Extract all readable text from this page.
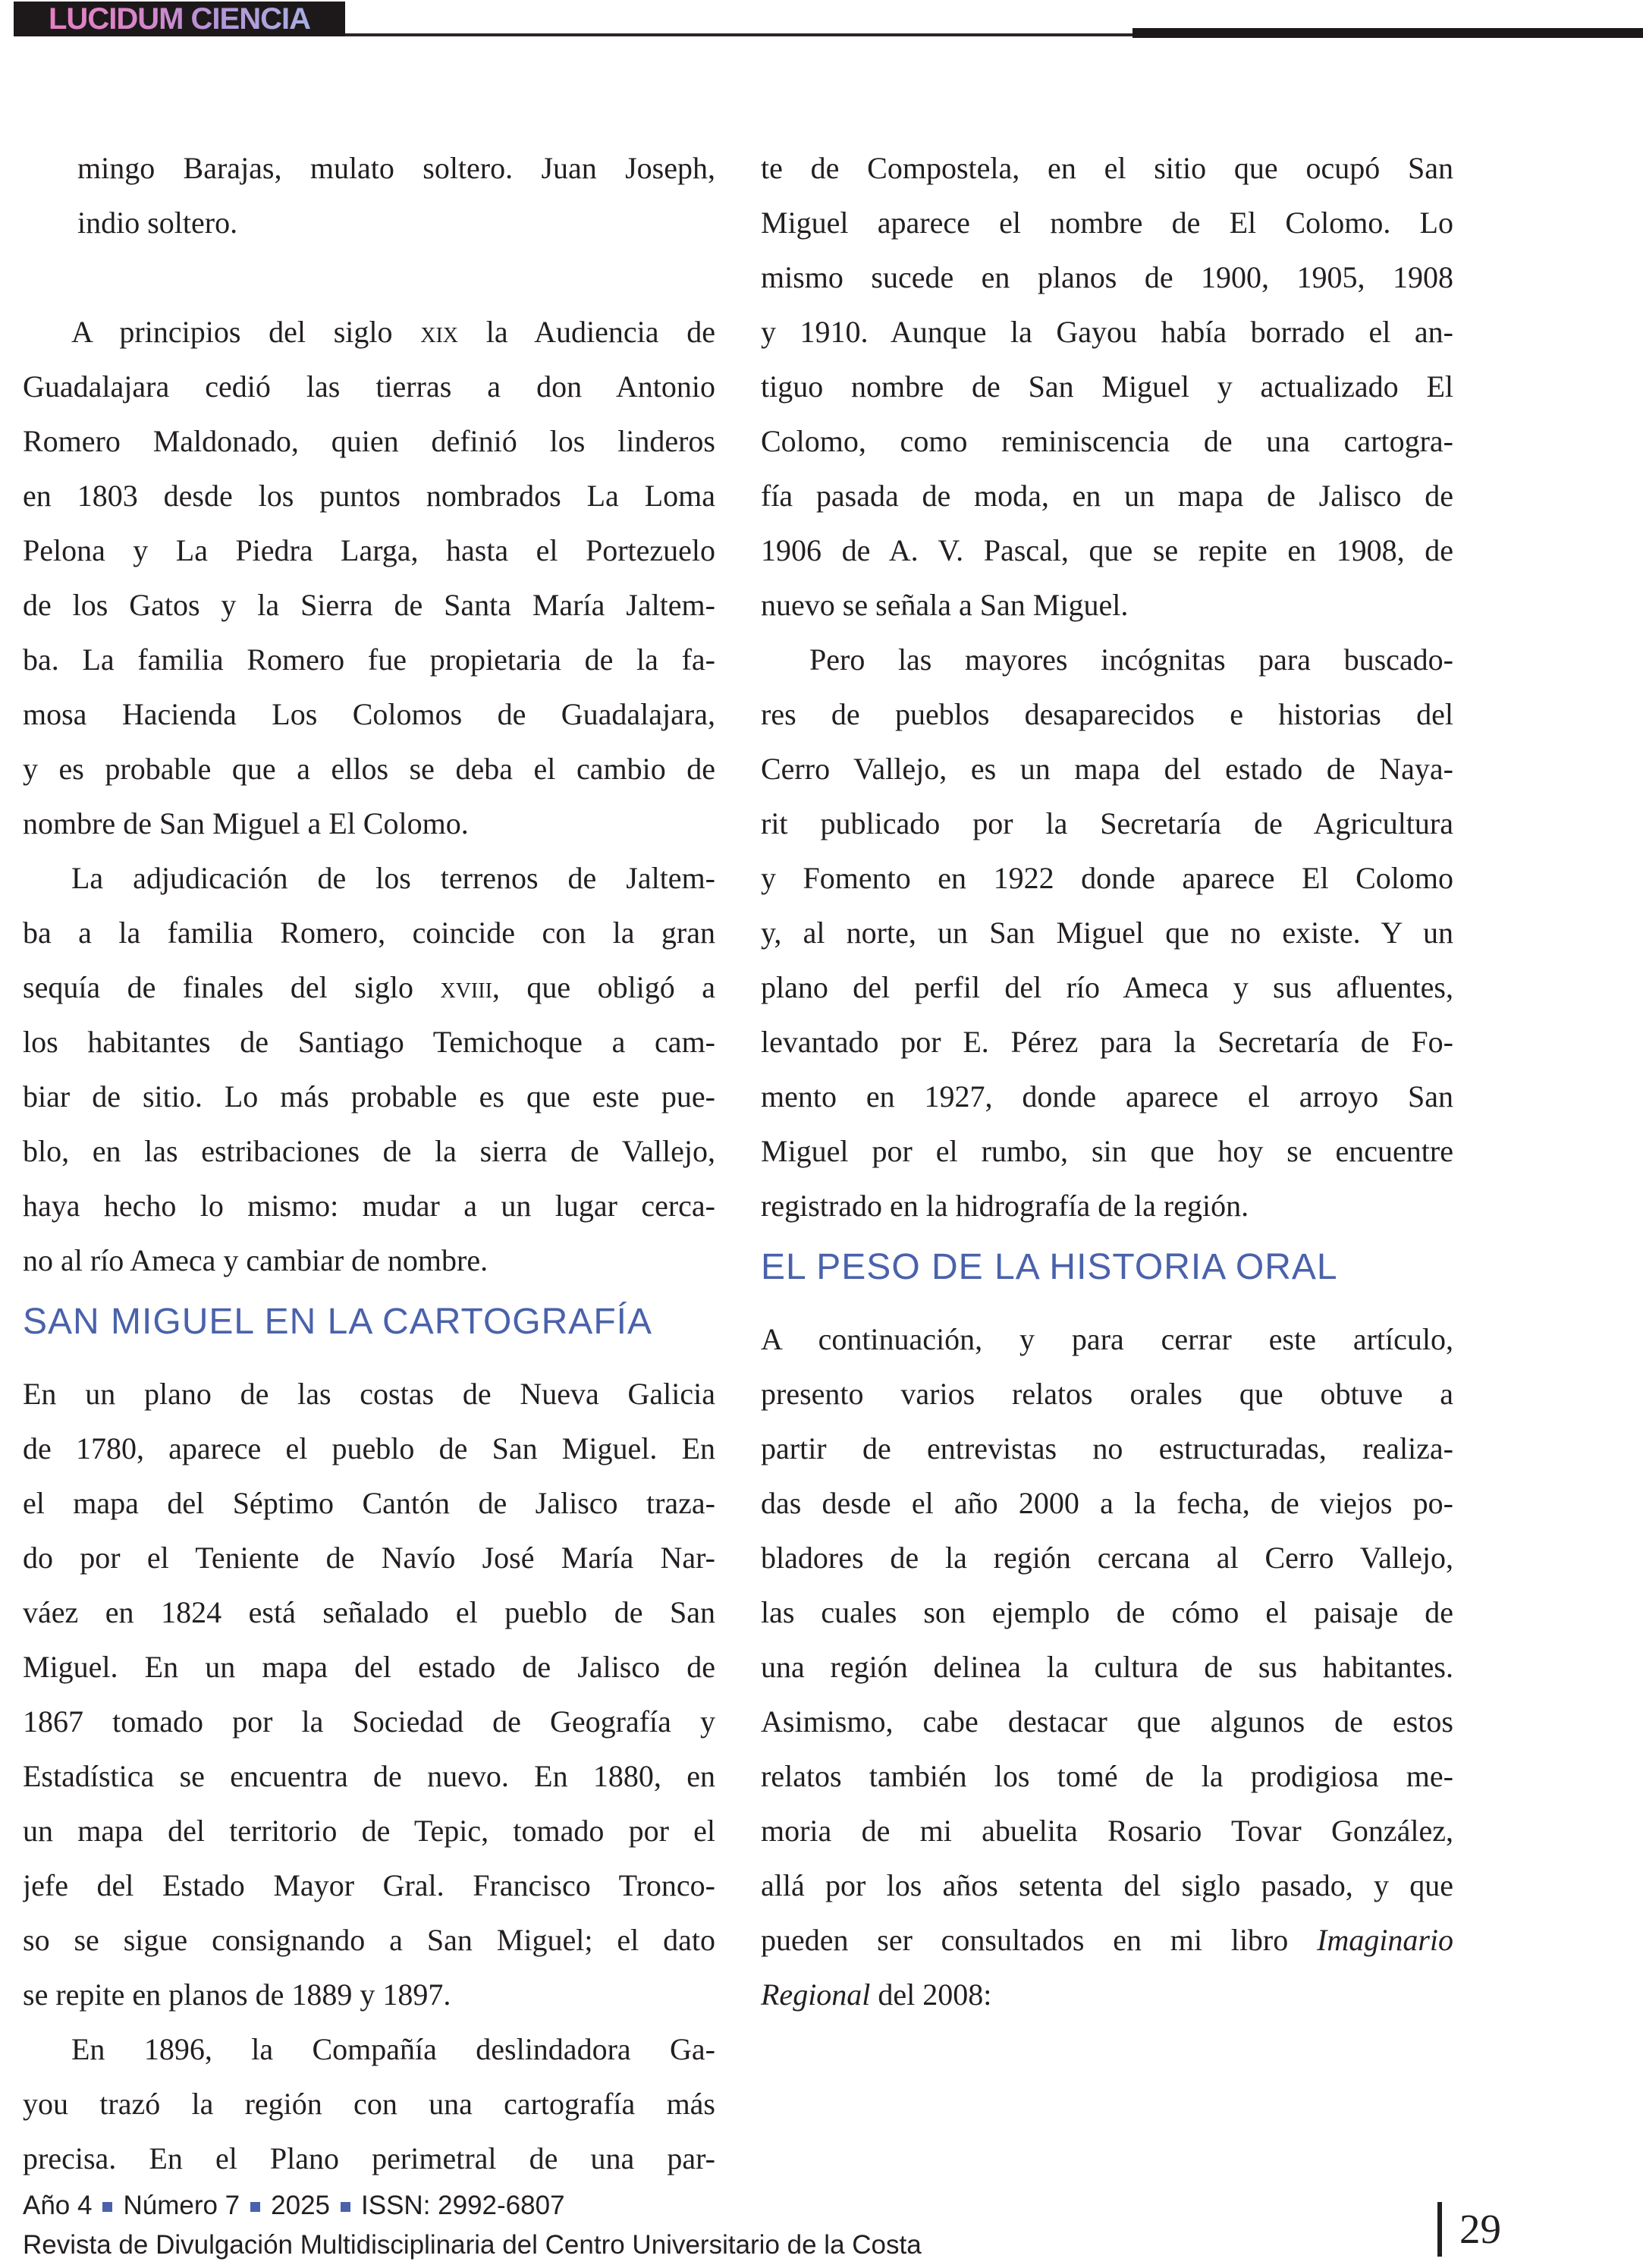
LUCIDUM CIENCIA
mingo Barajas, mulato soltero. Juan Joseph,
indio soltero.
A principios del siglo xix la Audiencia de
Guadalajara cedió las tierras a don Antonio
Romero Maldonado, quien definió los linderos
en 1803 desde los puntos nombrados La Loma
Pelona y La Piedra Larga, hasta el Portezuelo
de los Gatos y la Sierra de Santa María Jaltem-
ba. La familia Romero fue propietaria de la fa-
mosa Hacienda Los Colomos de Guadalajara,
y es probable que a ellos se deba el cambio de
nombre de San Miguel a El Colomo.
La adjudicación de los terrenos de Jaltem-
ba a la familia Romero, coincide con la gran
sequía de finales del siglo xviii, que obligó a
los habitantes de Santiago Temichoque a cam-
biar de sitio. Lo más probable es que este pue-
blo, en las estribaciones de la sierra de Vallejo,
haya hecho lo mismo: mudar a un lugar cerca-
no al río Ameca y cambiar de nombre.
SAN MIGUEL EN LA CARTOGRAFÍA
En un plano de las costas de Nueva Galicia
de 1780, aparece el pueblo de San Miguel. En
el mapa del Séptimo Cantón de Jalisco traza-
do por el Teniente de Navío José María Nar-
váez en 1824 está señalado el pueblo de San
Miguel. En un mapa del estado de Jalisco de
1867 tomado por la Sociedad de Geografía y
Estadística se encuentra de nuevo. En 1880, en
un mapa del territorio de Tepic, tomado por el
jefe del Estado Mayor Gral. Francisco Tronco-
so se sigue consignando a San Miguel; el dato
se repite en planos de 1889 y 1897.
En 1896, la Compañía deslindadora Ga-
you trazó la región con una cartografía más
precisa. En el Plano perimetral de una par-
te de Compostela, en el sitio que ocupó San
Miguel aparece el nombre de El Colomo. Lo
mismo sucede en planos de 1900, 1905, 1908
y 1910. Aunque la Gayou había borrado el an-
tiguo nombre de San Miguel y actualizado El
Colomo, como reminiscencia de una cartogra-
fía pasada de moda, en un mapa de Jalisco de
1906 de A. V. Pascal, que se repite en 1908, de
nuevo se señala a San Miguel.
Pero las mayores incógnitas para buscado-
res de pueblos desaparecidos e historias del
Cerro Vallejo, es un mapa del estado de Naya-
rit publicado por la Secretaría de Agricultura
y Fomento en 1922 donde aparece El Colomo
y, al norte, un San Miguel que no existe. Y un
plano del perfil del río Ameca y sus afluentes,
levantado por E. Pérez para la Secretaría de Fo-
mento en 1927, donde aparece el arroyo San
Miguel por el rumbo, sin que hoy se encuentre
registrado en la hidrografía de la región.
EL PESO DE LA HISTORIA ORAL
A continuación, y para cerrar este artículo,
presento varios relatos orales que obtuve a
partir de entrevistas no estructuradas, realiza-
das desde el año 2000 a la fecha, de viejos po-
bladores de la región cercana al Cerro Vallejo,
las cuales son ejemplo de cómo el paisaje de
una región delinea la cultura de sus habitantes.
Asimismo, cabe destacar que algunos de estos
relatos también los tomé de la prodigiosa me-
moria de mi abuelita Rosario Tovar González,
allá por los años setenta del siglo pasado, y que
pueden ser consultados en mi libro Imaginario
Regional del 2008:
Año 4 Número 7 2025 ISSN: 2992-6807
Revista de Divulgación Multidisciplinaria del Centro Universitario de la Costa	29
